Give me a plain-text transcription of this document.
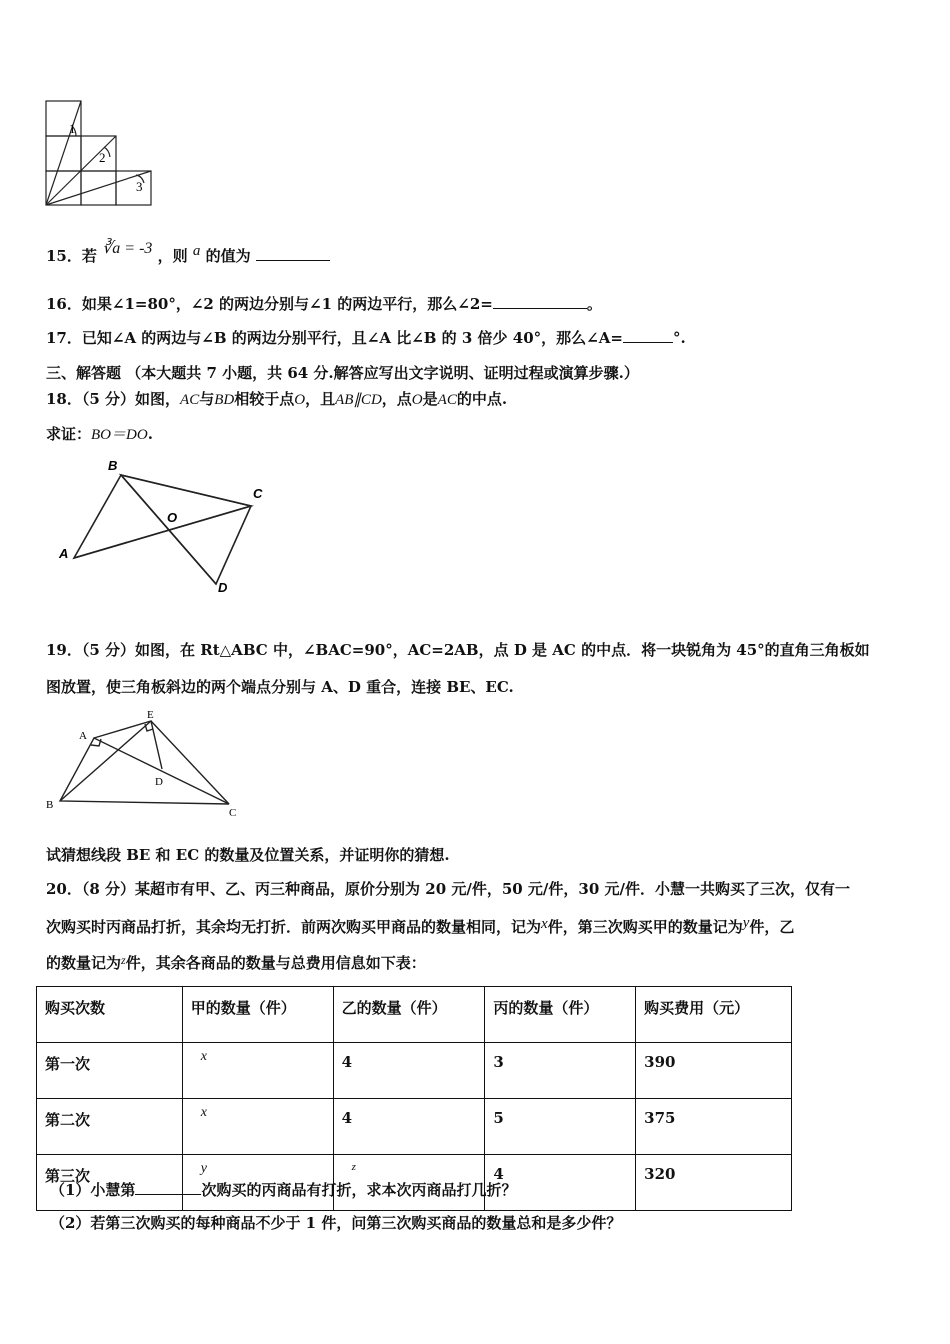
1
2
3
15．若 ∛a = -3 ，则 a 的值为
16．如果∠1=80°，∠2 的两边分别与∠1 的两边平行，那么∠2=	。
17．已知∠A 的两边与∠B 的两边分别平行，且∠A 比∠B 的 3 倍少 40°，那么∠A=	°.
三、解答题 （本大题共 7 小题，共 64 分.解答应写出文字说明、证明过程或演算步骤.）
18．（5 分）如图，AC与BD相较于点O，且AB∥CD，点O是AC的中点.
求证：BO＝DO.
B
C
O
A
D
19．（5 分）如图，在 Rt△ABC 中，∠BAC=90°，AC=2AB，点 D 是 AC 的中点．将一块锐角为 45°的直角三角板如
图放置，使三角板斜边的两个端点分别与 A、D 重合，连接 BE、EC.
A
E
D
B
C
试猜想线段 BE 和 EC 的数量及位置关系，并证明你的猜想.
20．（8 分）某超市有甲、乙、丙三种商品，原价分别为 20 元/件，50 元/件，30 元/件．小慧一共购买了三次，仅有一
次购买时丙商品打折，其余均无打折．前两次购买甲商品的数量相同，记为x件，第三次购买甲的数量记为y件，乙
的数量记为$^z$件，其余各商品的数量与总费用信息如下表：
购买次数	甲的数量（件）	乙的数量（件）	丙的数量（件）	购买费用（元）
第一次	x	4	3	390
第二次	x	4	5	375
第三次	y	z	4	320
（1）小慧第	次购买的丙商品有打折，求本次丙商品打几折？
（2）若第三次购买的每种商品不少于 1 件，问第三次购买商品的数量总和是多少件？
